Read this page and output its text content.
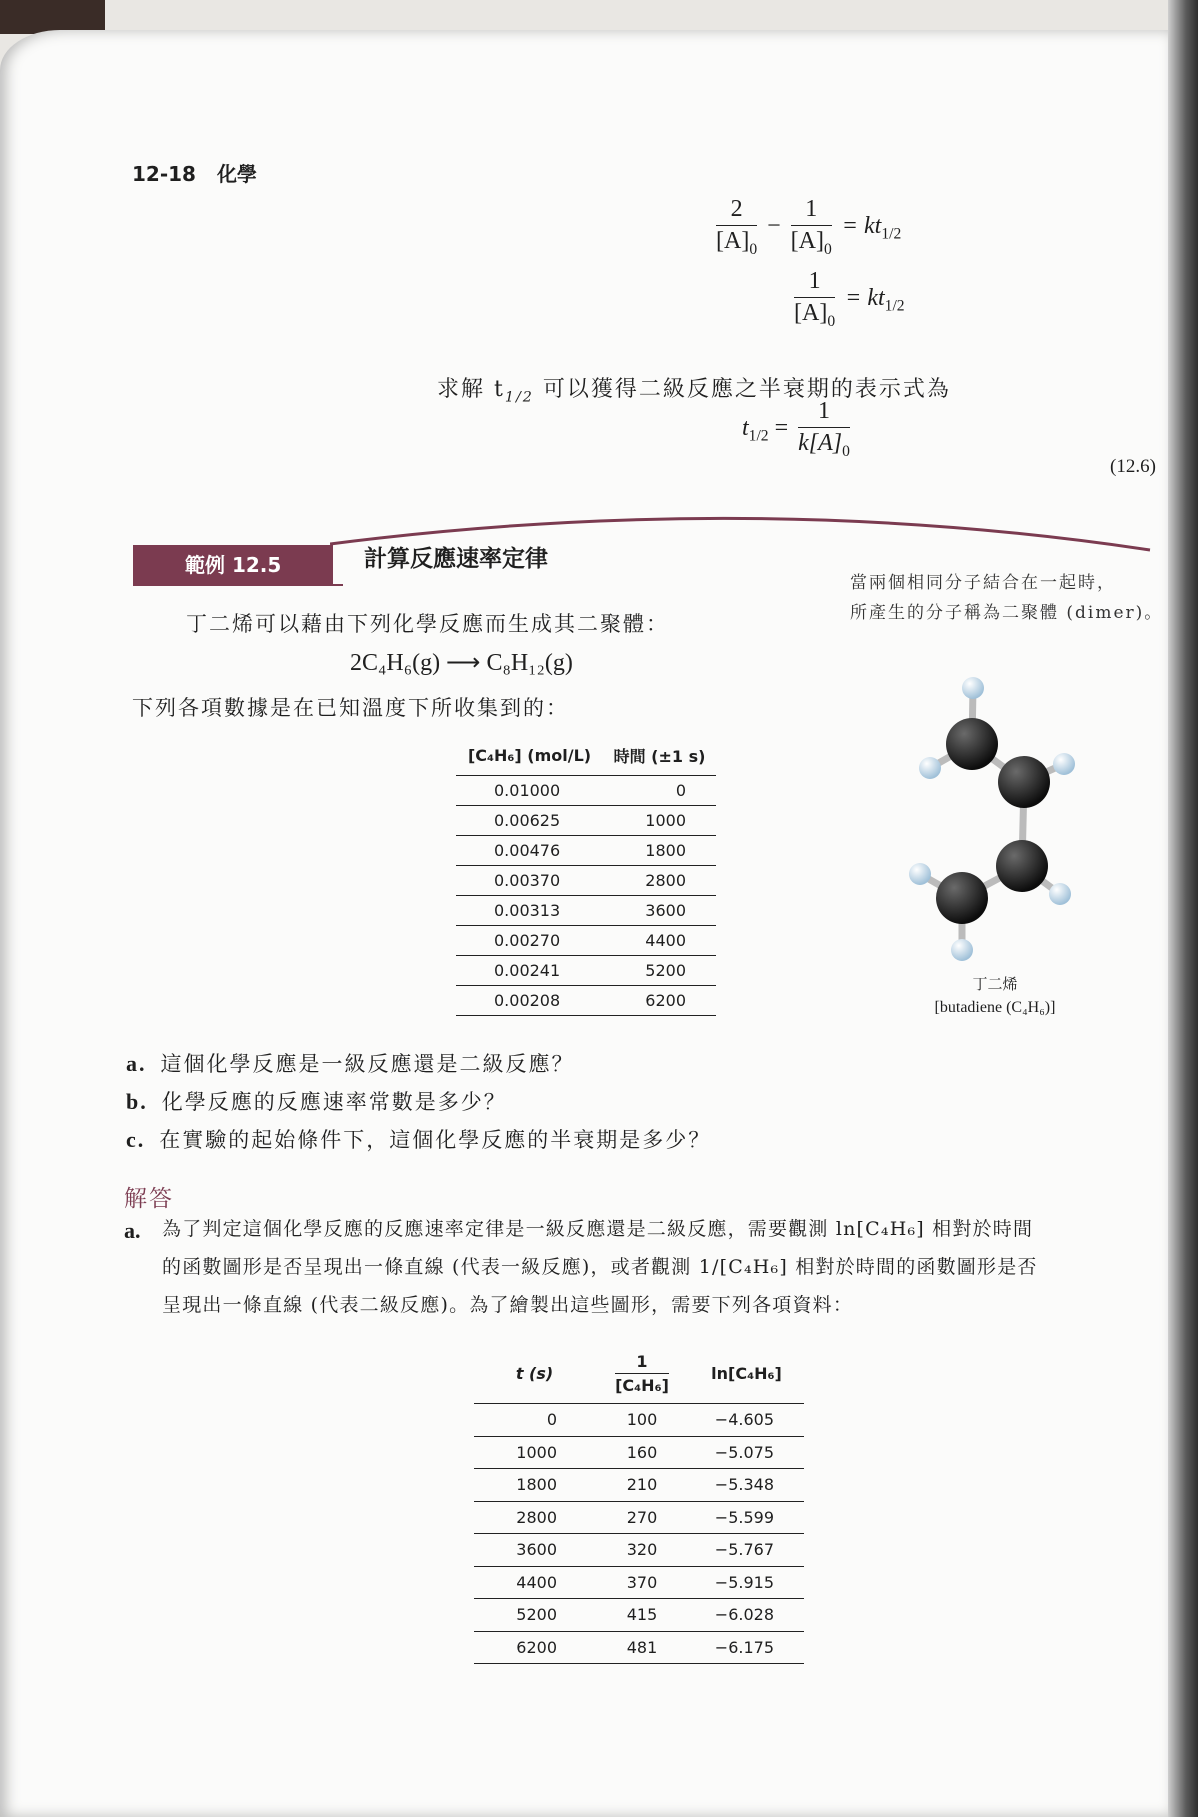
12-18 化學
$\frac{2}{[A]_0} - \frac{1}{[A]_0} = kt_{1/2}$
$\frac{1}{[A]_0} = kt_{1/2}$
求解 $t_{1/2}$ 可以獲得二級反應之半衰期的表示式為
$t_{1/2} = \frac{1}{k[A]_0}$
(12.6)
範例 12.5	計算反應速率定律
當兩個相同分子結合在一起時，
所產生的分子稱為二聚體 (dimer)。
丁二烯可以藉由下列化學反應而生成其二聚體：
2C₄H₆(g) ⟶ C₈H₁₂(g)
下列各項數據是在已知溫度下所收集到的：
[C₄H₆] (mol/L)	時間 (±1 s)
0.01000	0
0.00625	1000
0.00476	1800
0.00370	2800
0.00313	3600
0.00270	4400
0.00241	5200
0.00208	6200
丁二烯
[butadiene (C₄H₆)]
a. 這個化學反應是一級反應還是二級反應？
b. 化學反應的反應速率常數是多少？
c. 在實驗的起始條件下，這個化學反應的半衰期是多少？
解答
a. 為了判定這個化學反應的反應速率定律是一級反應還是二級反應，需要觀測 ln[C₄H₆] 相對於時間
的函數圖形是否呈現出一條直線 (代表一級反應)，或者觀測 1/[C₄H₆] 相對於時間的函數圖形是否
呈現出一條直線 (代表二級反應)。為了繪製出這些圖形，需要下列各項資料：
t (s)	$\frac{1}{\text{[C₄H₆]}}$	ln[C₄H₆]
0	100	−4.605
1000	160	−5.075
1800	210	−5.348
2800	270	−5.599
3600	320	−5.767
4400	370	−5.915
5200	415	−6.028
6200	481	−6.175
